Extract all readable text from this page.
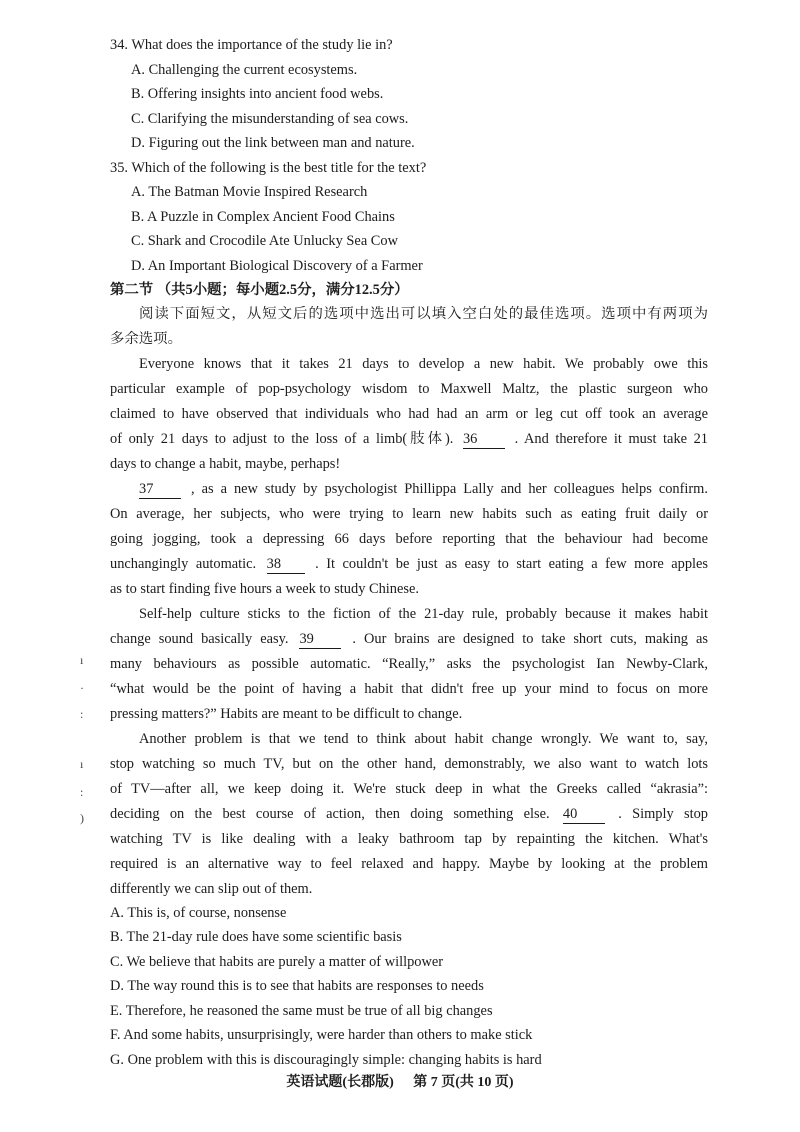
34. What does the importance of the study lie in?
A. Challenging the current ecosystems.
B. Offering insights into ancient food webs.
C. Clarifying the misunderstanding of sea cows.
D. Figuring out the link between man and nature.
35. Which of the following is the best title for the text?
A. The Batman Movie Inspired Research
B. A Puzzle in Complex Ancient Food Chains
C. Shark and Crocodile Ate Unlucky Sea Cow
D. An Important Biological Discovery of a Farmer
第二节 （共5小题；每小题2.5分，满分12.5分）
阅读下面短文，从短文后的选项中选出可以填入空白处的最佳选项。选项中有两项为
多余选项。
Everyone knows that it takes 21 days to develop a new habit. We probably owe this
particular example of pop-psychology wisdom to Maxwell Maltz, the plastic surgeon who
claimed to have observed that individuals who had had an arm or leg cut off took an average
of only 21 days to adjust to the loss of a limb(肢体). 36	. And therefore it must take 21
days to change a habit, maybe, perhaps!
37	, as a new study by psychologist Phillippa Lally and her colleagues helps confirm.
On average, her subjects, who were trying to learn new habits such as eating fruit daily or
going jogging, took a depressing 66 days before reporting that the behaviour had become
unchangingly automatic. 38 . It couldn't be just as easy to start eating a few more apples
as to start finding five hours a week to study Chinese.
Self-help culture sticks to the fiction of the 21-day rule, probably because it makes habit
change sound basically easy. 39	. Our brains are designed to take short cuts, making as
many behaviours as possible automatic. “Really,” asks the psychologist Ian Newby-Clark,
“what would be the point of having a habit that didn't free up your mind to focus on more
pressing matters?” Habits are meant to be difficult to change.
Another problem is that we tend to think about habit change wrongly. We want to, say,
stop watching so much TV, but on the other hand, demonstrably, we also want to watch lots
of TV—after all, we keep doing it. We're stuck deep in what the Greeks called “akrasia”:
deciding on the best course of action, then doing something else. 40	. Simply stop
watching TV is like dealing with a leaky bathroom tap by repainting the kitchen. What's
required is an alternative way to feel relaxed and happy. Maybe by looking at the problem
differently we can slip out of them.
A. This is, of course, nonsense
B. The 21-day rule does have some scientific basis
C. We believe that habits are purely a matter of willpower
D. The way round this is to see that habits are responses to needs
E. Therefore, he reasoned the same must be true of all big changes
F. And some habits, unsurprisingly, were harder than others to make stick
G. One problem with this is discouragingly simple: changing habits is hard
ı
·
:
ı
:
)
英语试题(长郡版) 第 7 页(共 10 页)
